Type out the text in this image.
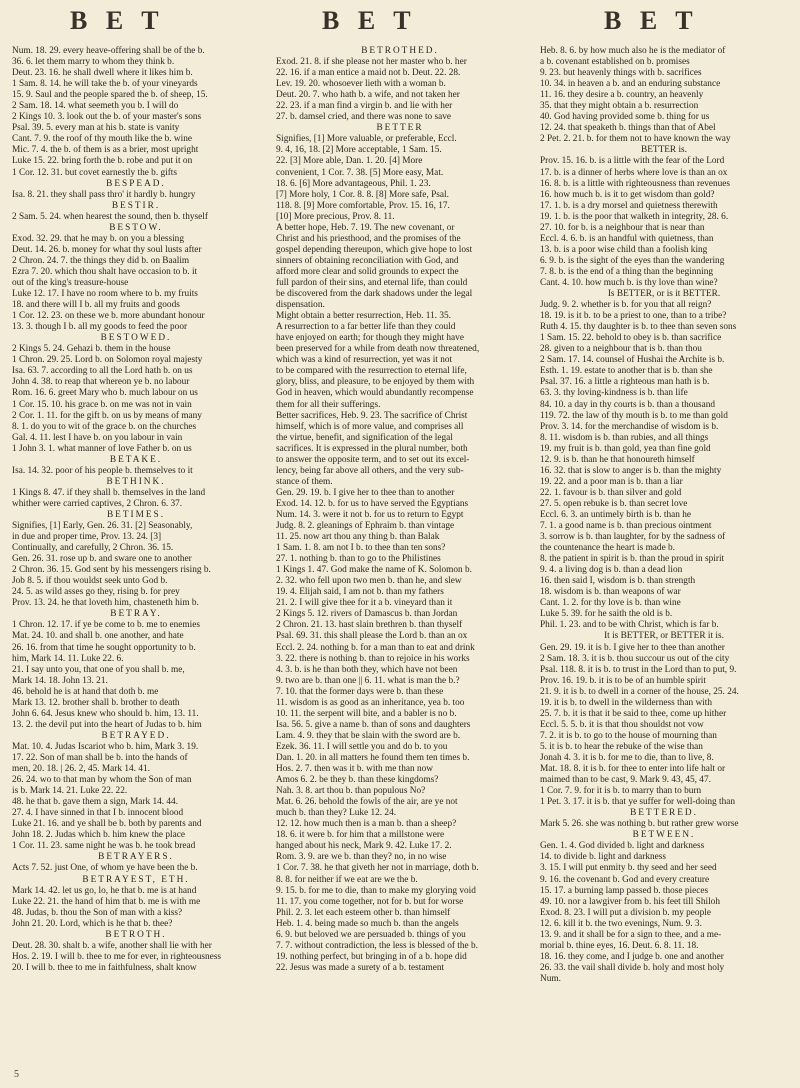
B E T	B E T	B E T
Num. 18. 29. every heave-offering shall be of the b.
36. 6. let them marry to whom they think b.
Deut. 23. 16. he shall dwell where it likes him b.
1 Sam. 8. 14. he will take the b. of your vineyards
15. 9. Saul and the people spared the b. of sheep, 15.
2 Sam. 18. 14. what seemeth you b. I will do
2 Kings 10. 3. look out the b. of your master's sons
Psal. 39. 5. every man at his b. state is vanity
Cant. 7. 9. the roof of thy mouth like the b. wine
Mic. 7. 4. the b. of them is as a brier, most upright
Luke 15. 22. bring forth the b. robe and put it on
1 Cor. 12. 31. but covet earnestly the b. gifts
BESPEAD.
Isa. 8. 21. they shall pass thro' it hardly b. hungry
BESTIR.
2 Sam. 5. 24. when hearest the sound, then b. thyself
BESTOW.
Exod. 32. 29. that he may b. on you a blessing
Deut. 14. 26. b. money for what thy soul lusts after
2 Chron. 24. 7. the things they did b. on Baalim
Ezra 7. 20. which thou shalt have occasion to b. it
out of the king's treasure-house
Luke 12. 17. I have no room where to b. my fruits
18. and there will I b. all my fruits and goods
1 Cor. 12. 23. on these we b. more abundant honour
13. 3. though I b. all my goods to feed the poor
BESTOWED.
2 Kings 5. 24. Gehazi b. them in the house
1 Chron. 29. 25. Lord b. on Solomon royal majesty
Isa. 63. 7. according to all the Lord hath b. on us
John 4. 38. to reap that whereon ye b. no labour
Rom. 16. 6. greet Mary who b. much labour on us
1 Cor. 15. 10. his grace b. on me was not in vain
2 Cor. 1. 11. for the gift b. on us by means of many
8. 1. do you to wit of the grace b. on the churches
Gal. 4. 11. lest I have b. on you labour in vain
1 John 3. 1. what manner of love Father b. on us
BETAKE.
Isa. 14. 32. poor of his people b. themselves to it
BETHINK.
1 Kings 8. 47. if they shall b. themselves in the land
whither were carried captives, 2 Chron. 6. 37.
BETIMES.
Signifies, [1] Early, Gen. 26. 31. [2] Seasonably,
in due and proper time, Prov. 13. 24. [3]
Continually, and carefully, 2 Chron. 36. 15.
Gen. 26. 31. rose up b. and sware one to another
2 Chron. 36. 15. God sent by his messengers rising b.
Job 8. 5. if thou wouldst seek unto God b.
24. 5. as wild asses go they, rising b. for prey
Prov. 13. 24. he that loveth him, chasteneth him b.
BETRAY.
1 Chron. 12. 17. if ye be come to b. me to enemies
Mat. 24. 10. and shall b. one another, and hate
26. 16. from that time he sought opportunity to b.
him, Mark 14. 11. Luke 22. 6.
21. I say unto you, that one of you shall b. me,
Mark 14. 18. John 13. 21.
46. behold he is at hand that doth b. me
Mark 13. 12. brother shall b. brother to death
John 6. 64. Jesus knew who should b. him, 13. 11.
13. 2. the devil put into the heart of Judas to b. him
BETRAYED.
Mat. 10. 4. Judas Iscariot who b. him, Mark 3. 19.
17. 22. Son of man shall be b. into the hands of
men, 20. 18. | 26. 2, 45. Mark 14. 41.
26. 24. wo to that man by whom the Son of man
is b. Mark 14. 21. Luke 22. 22.
48. he that b. gave them a sign, Mark 14. 44.
27. 4. I have sinned in that I b. innocent blood
Luke 21. 16. and ye shall be b. both by parents and
John 18. 2. Judas which b. him knew the place
1 Cor. 11. 23. same night he was b. he took bread
BETRAYERS.
Acts 7. 52. just One, of whom ye have been the b.
BETRAYEST, ETH.
Mark 14. 42. let us go, lo, he that b. me is at hand
Luke 22. 21. the hand of him that b. me is with me
48. Judas, b. thou the Son of man with a kiss?
John 21. 20. Lord, which is he that b. thee?
BETROTH.
Deut. 28. 30. shalt b. a wife, another shall lie with her
Hos. 2. 19. I will b. thee to me for ever, in righteousness
20. I will b. thee to me in faithfulness, shalt know
BETROTHED.
Exod. 21. 8. if she please not her master who b. her
22. 16. if a man entice a maid not b. Deut. 22. 28.
Lev. 19. 20. whosoever lieth with a woman b.
Deut. 20. 7. who hath b. a wife, and not taken her
22. 23. if a man find a virgin b. and lie with her
27. b. damsel cried, and there was none to save
BETTER
Signifies, [1] More valuable, or preferable, Eccl.
9. 4, 16, 18. [2] More acceptable, 1 Sam. 15.
22. [3] More able, Dan. 1. 20. [4] More
convenient, 1 Cor. 7. 38. [5] More easy, Mat.
18. 6. [6] More advantageous, Phil. 1. 23.
[7] More holy, 1 Cor. 8. 8. [8] More safe, Psal.
118. 8. [9] More comfortable, Prov. 15. 16, 17.
[10] More precious, Prov. 8. 11.
A better hope, Heb. 7. 19. The new covenant, or
Christ and his priesthood, and the promises of the
gospel depending thereupon, which give hope to lost
sinners of obtaining reconciliation with God, and
afford more clear and solid grounds to expect the
full pardon of their sins, and eternal life, than could
be discovered from the dark shadows under the legal
dispensation.
Might obtain a better resurrection, Heb. 11. 35.
A resurrection to a far better life than they could
have enjoyed on earth; for though they might have
been preserved for a while from death now threatened,
which was a kind of resurrection, yet was it not
to be compared with the resurrection to eternal life,
glory, bliss, and pleasure, to be enjoyed by them with
God in heaven, which would abundantly recompense
them for all their sufferings.
Better sacrifices, Heb. 9. 23. The sacrifice of Christ
himself, which is of more value, and comprises all
the virtue, benefit, and signification of the legal
sacrifices. It is expressed in the plural number, both
to answer the opposite term, and to set out its excel-
lency, being far above all others, and the very sub-
stance of them.
Gen. 29. 19. b. I give her to thee than to another
Exod. 14. 12. b. for us to have served the Egyptians
Num. 14. 3. were it not b. for us to return to Egypt
Judg. 8. 2. gleanings of Ephraim b. than vintage
11. 25. now art thou any thing b. than Balak
1 Sam. 1. 8. am not I b. to thee than ten sons?
27. 1. nothing b. than to go to the Philistines
1 Kings 1. 47. God make the name of K. Solomon b.
2. 32. who fell upon two men b. than he, and slew
19. 4. Elijah said, I am not b. than my fathers
21. 2. I will give thee for it a b. vineyard than it
2 Kings 5. 12. rivers of Damascus b. than Jordan
2 Chron. 21. 13. hast slain brethren b. than thyself
Psal. 69. 31. this shall please the Lord b. than an ox
Eccl. 2. 24. nothing b. for a man than to eat and drink
3. 22. there is nothing b. than to rejoice in his works
4. 3. b. is he than both they, which have not been
9. two are b. than one || 6. 11. what is man the b.?
7. 10. that the former days were b. than these
11. wisdom is as good as an inheritance, yea b. too
10. 11. the serpent will bite, and a babler is no b.
Isa. 56. 5. give a name b. than of sons and daughters
Lam. 4. 9. they that be slain with the sword are b.
Ezek. 36. 11. I will settle you and do b. to you
Dan. 1. 20. in all matters he found them ten times b.
Hos. 2. 7. then was it b. with me than now
Amos 6. 2. be they b. than these kingdoms?
Nah. 3. 8. art thou b. than populous No?
Mat. 6. 26. behold the fowls of the air, are ye not
much b. than they? Luke 12. 24.
12. 12. how much then is a man b. than a sheep?
18. 6. it were b. for him that a millstone were
hanged about his neck, Mark 9. 42. Luke 17. 2.
Rom. 3. 9. are we b. than they? no, in no wise
1 Cor. 7. 38. he that giveth her not in marriage, doth b.
8. 8. for neither if we eat are we the b.
9. 15. b. for me to die, than to make my glorying void
11. 17. you come together, not for b. but for worse
Phil. 2. 3. let each esteem other b. than himself
Heb. 1. 4. being made so much b. than the angels
6. 9. but beloved we are persuaded b. things of you
7. 7. without contradiction, the less is blessed of the b.
19. nothing perfect, but bringing in of a b. hope did
22. Jesus was made a surety of a b. testament
Heb. 8. 6. by how much also he is the mediator of
a b. covenant established on b. promises
9. 23. but heavenly things with b. sacrifices
10. 34. in heaven a b. and an enduring substance
11. 16. they desire a b. country, an heavenly
35. that they might obtain a b. resurrection
40. God having provided some b. thing for us
12. 24. that speaketh b. things than that of Abel
2 Pet. 2. 21. b. for them not to have known the way
BETTER is.
Prov. 15. 16. b. is a little with the fear of the Lord
17. b. is a dinner of herbs where love is than an ox
16. 8. b. is a little with righteousness than revenues
16. how much b. is it to get wisdom than gold?
17. 1. b. is a dry morsel and quietness therewith
19. 1. b. is the poor that walketh in integrity, 28. 6.
27. 10. for b. is a neighbour that is near than
Eccl. 4. 6. b. is an handful with quietness, than
13. b. is a poor wise child than a foolish king
6. 9. b. is the sight of the eyes than the wandering
7. 8. b. is the end of a thing than the beginning
Cant. 4. 10. how much b. is thy love than wine?
Is BETTER, or is it BETTER.
Judg. 9. 2. whether is b. for you that all reign?
18. 19. is it b. to be a priest to one, than to a tribe?
Ruth 4. 15. thy daughter is b. to thee than seven sons
1 Sam. 15. 22. behold to obey is b. than sacrifice
28. given to a neighbour that is b. than thou
2 Sam. 17. 14. counsel of Hushai the Archite is b.
Esth. 1. 19. estate to another that is b. than she
Psal. 37. 16. a little a righteous man hath is b.
63. 3. thy loving-kindness is b. than life
84. 10. a day in thy courts is b. than a thousand
119. 72. the law of thy mouth is b. to me than gold
Prov. 3. 14. for the merchandise of wisdom is b.
8. 11. wisdom is b. than rubies, and all things
19. my fruit is b. than gold, yea than fine gold
12. 9. is b. than he that honoureth himself
16. 32. that is slow to anger is b. than the mighty
19. 22. and a poor man is b. than a liar
22. 1. favour is b. than silver and gold
27. 5. open rebuke is b. than secret love
Eccl. 6. 3. an untimely birth is b. than he
7. 1. a good name is b. than precious ointment
3. sorrow is b. than laughter, for by the sadness of
the countenance the heart is made b.
8. the patient in spirit is b. than the proud in spirit
9. 4. a living dog is b. than a dead lion
16. then said I, wisdom is b. than strength
18. wisdom is b. than weapons of war
Cant. 1. 2. for thy love is b. than wine
Luke 5. 39. for he saith the old is b.
Phil. 1. 23. and to be with Christ, which is far b.
It is BETTER, or BETTER it is.
Gen. 29. 19. it is b. I give her to thee than another
2 Sam. 18. 3. it is b. thou succour us out of the city
Psal. 118. 8. it is b. to trust in the Lord than to put, 9.
Prov. 16. 19. b. it is to be of an humble spirit
21. 9. it is b. to dwell in a corner of the house, 25. 24.
19. it is b. to dwell in the wilderness than with
25. 7. b. it is that it be said to thee, come up hither
Eccl. 5. 5. b. it is that thou shouldst not vow
7. 2. it is b. to go to the house of mourning than
5. it is b. to hear the rebuke of the wise than
Jonah 4. 3. it is b. for me to die, than to live, 8.
Mat. 18. 8. it is b. for thee to enter into life halt or
maimed than to be cast, 9. Mark 9. 43, 45, 47.
1 Cor. 7. 9. for it is b. to marry than to burn
1 Pet. 3. 17. it is b. that ye suffer for well-doing than
BETTERED.
Mark 5. 26. she was nothing b. but rather grew worse
BETWEEN.
Gen. 1. 4. God divided b. light and darkness
14. to divide b. light and darkness
3. 15. I will put enmity b. thy seed and her seed
9. 16. the covenant b. God and every creature
15. 17. a burning lamp passed b. those pieces
49. 10. nor a lawgiver from b. his feet till Shiloh
Exod. 8. 23. I will put a division b. my people
12. 6. kill it b. the two evenings, Num. 9. 3.
13. 9. and it shall be for a sign to thee, and a me-
morial b. thine eyes, 16. Deut. 6. 8. 11. 18.
18. 16. they come, and I judge b. one and another
26. 33. the vail shall divide b. holy and most holy
Num.
5
